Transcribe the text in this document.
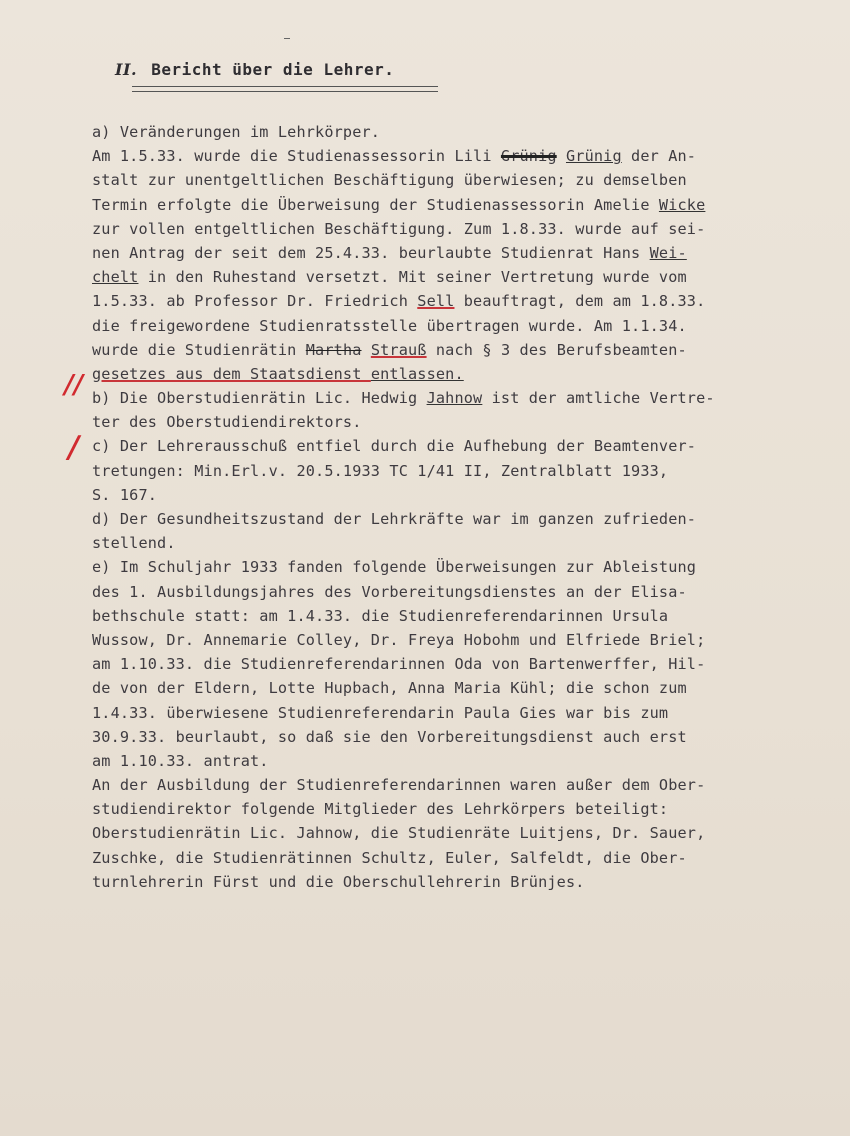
II. Bericht über die Lehrer.
//
/
a) Veränderungen im Lehrkörper.
Am 1.5.33. wurde die Studienassessorin Lili Grünig Grünig der An-
stalt zur unentgeltlichen Beschäftigung überwiesen; zu demselben
Termin erfolgte die Überweisung der Studienassessorin Amelie Wicke
zur vollen entgeltlichen Beschäftigung. Zum 1.8.33. wurde auf sei-
nen Antrag der seit dem 25.4.33. beurlaubte Studienrat Hans Wei-
chelt in den Ruhestand versetzt. Mit seiner Vertretung wurde vom
1.5.33. ab Professor Dr. Friedrich Sell beauftragt, dem am 1.8.33.
die freigewordene Studienratsstelle übertragen wurde. Am 1.1.34.
wurde die Studienrätin Martha Strauß nach § 3 des Berufsbeamten-
gesetzes aus dem Staatsdienst entlassen.
b) Die Oberstudienrätin Lic. Hedwig Jahnow ist der amtliche Vertre-
ter des Oberstudiendirektors.
c) Der Lehrerausschuß entfiel durch die Aufhebung der Beamtenver-
tretungen: Min.Erl.v. 20.5.1933 TC 1/41 II, Zentralblatt 1933,
S. 167.
d) Der Gesundheitszustand der Lehrkräfte war im ganzen zufrieden-
stellend.
e) Im Schuljahr 1933 fanden folgende Überweisungen zur Ableistung
des 1. Ausbildungsjahres des Vorbereitungsdienstes an der Elisa-
bethschule statt: am 1.4.33. die Studienreferendarinnen Ursula
Wussow, Dr. Annemarie Colley, Dr. Freya Hobohm und Elfriede Briel;
am 1.10.33. die Studienreferendarinnen Oda von Bartenwerffer, Hil-
de von der Eldern, Lotte Hupbach, Anna Maria Kühl; die schon zum
1.4.33. überwiesene Studienreferendarin Paula Gies war bis zum
30.9.33. beurlaubt, so daß sie den Vorbereitungsdienst auch erst
am 1.10.33. antrat.
An der Ausbildung der Studienreferendarinnen waren außer dem Ober-
studiendirektor folgende Mitglieder des Lehrkörpers beteiligt:
Oberstudienrätin Lic. Jahnow, die Studienräte Luitjens, Dr. Sauer,
Zuschke, die Studienrätinnen Schultz, Euler, Salfeldt, die Ober-
turnlehrerin Fürst und die Oberschullehrerin Brünjes.
